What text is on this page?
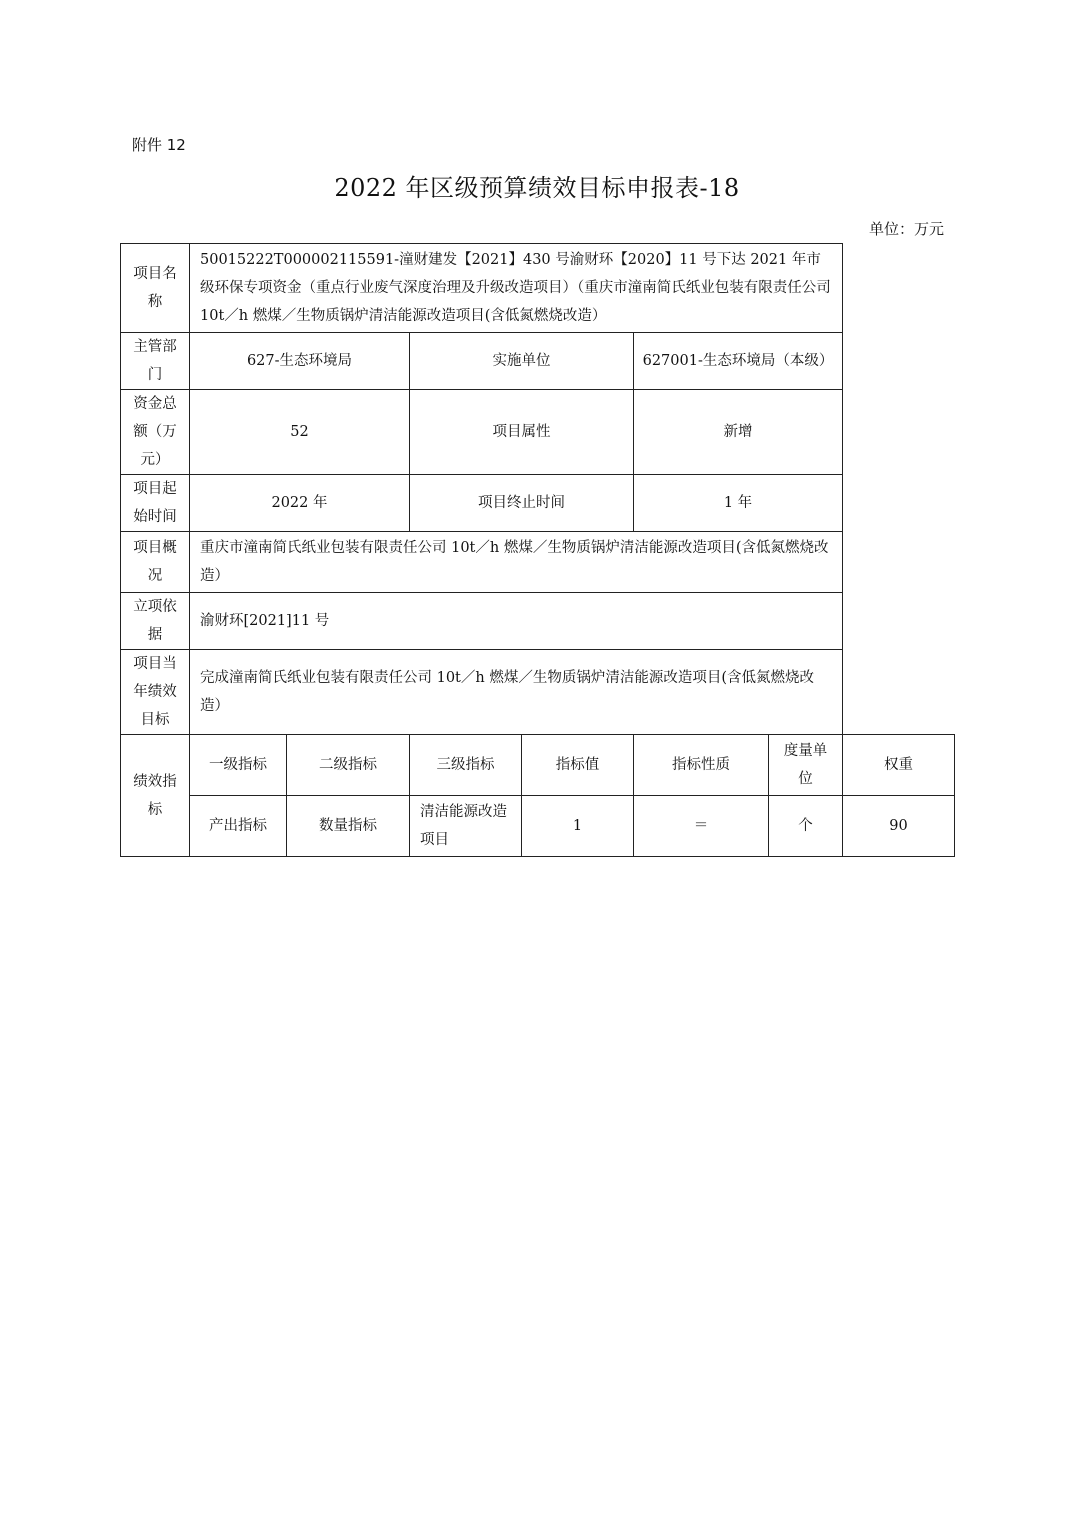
附件 12
2022 年区级预算绩效目标申报表-18
单位：万元
项目名称	50015222T000002115591-潼财建发【2021】430 号渝财环【2020】11 号下达 2021 年市级环保专项资金（重点行业废气深度治理及升级改造项目）（重庆市潼南简氏纸业包装有限责任公司 10t／h 燃煤／生物质锅炉清洁能源改造项目(含低氮燃烧改造）						
主管部门	627-生态环境局		实施单位		627001-生态环境局（本级）		
资金总额（万元）	52		项目属性		新增		
项目起始时间	2022 年		项目终止时间		1 年		
项目概况	重庆市潼南简氏纸业包装有限责任公司 10t／h 燃煤／生物质锅炉清洁能源改造项目(含低氮燃烧改造）						
立项依据	渝财环[2021]11 号						
项目当年绩效目标	完成潼南简氏纸业包装有限责任公司 10t／h 燃煤／生物质锅炉清洁能源改造项目(含低氮燃烧改造）						
绩效指标	一级指标	二级指标	三级指标	指标值	指标性质	度量单位	权重
	产出指标	数量指标	清洁能源改造项目	1	＝	个	90
